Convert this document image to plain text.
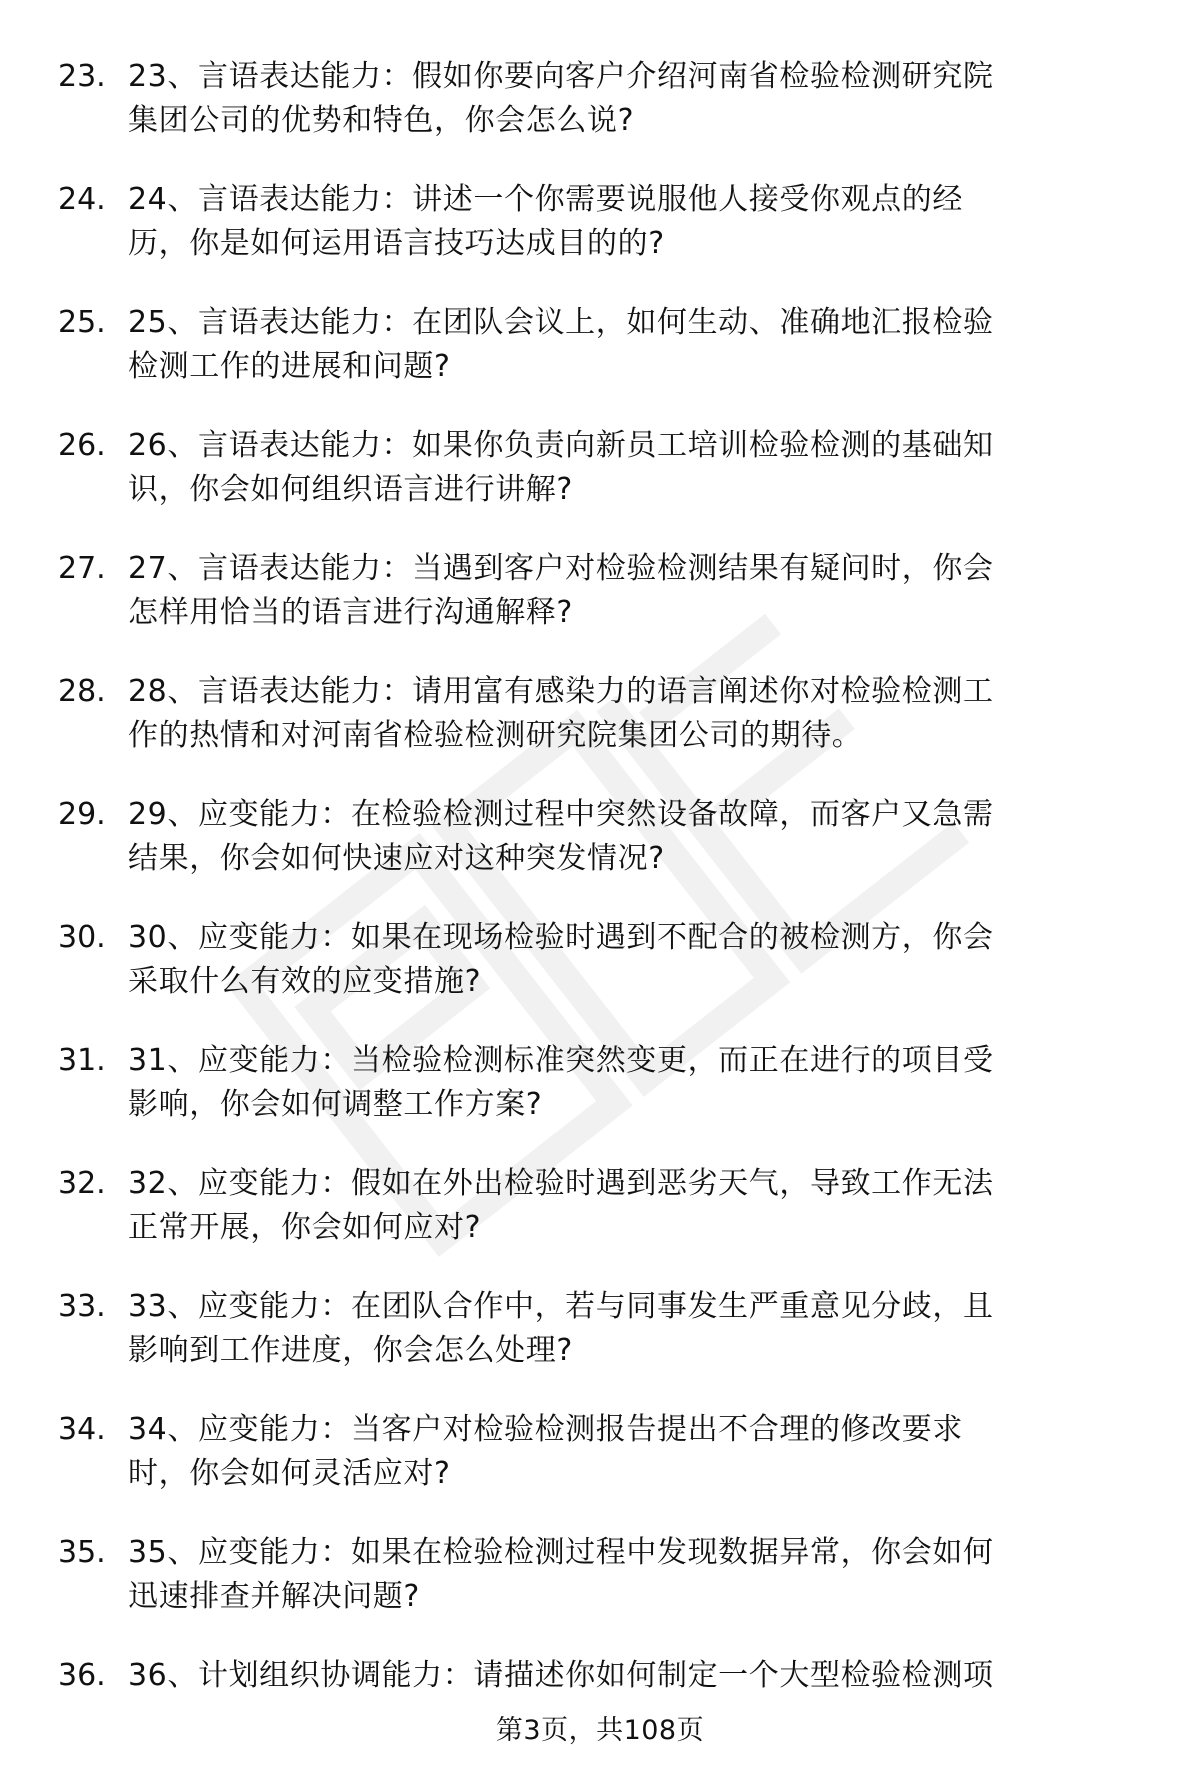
23. 23、言语表达能力：假如你要向客户介绍河南省检验检测研究院
集团公司的优势和特色，你会怎么说?
24. 24、言语表达能力：讲述一个你需要说服他人接受你观点的经
历，你是如何运用语言技巧达成目的的?
25. 25、言语表达能力：在团队会议上，如何生动、准确地汇报检验
检测工作的进展和问题?
26. 26、言语表达能力：如果你负责向新员工培训检验检测的基础知
识，你会如何组织语言进行讲解?
27. 27、言语表达能力：当遇到客户对检验检测结果有疑问时，你会
怎样用恰当的语言进行沟通解释?
28. 28、言语表达能力：请用富有感染力的语言阐述你对检验检测工
作的热情和对河南省检验检测研究院集团公司的期待。
29. 29、应变能力：在检验检测过程中突然设备故障，而客户又急需
结果，你会如何快速应对这种突发情况?
30. 30、应变能力：如果在现场检验时遇到不配合的被检测方，你会
采取什么有效的应变措施?
31. 31、应变能力：当检验检测标准突然变更，而正在进行的项目受
影响，你会如何调整工作方案?
32. 32、应变能力：假如在外出检验时遇到恶劣天气，导致工作无法
正常开展，你会如何应对?
33. 33、应变能力：在团队合作中，若与同事发生严重意见分歧，且
影响到工作进度，你会怎么处理?
34. 34、应变能力：当客户对检验检测报告提出不合理的修改要求
时，你会如何灵活应对?
35. 35、应变能力：如果在检验检测过程中发现数据异常，你会如何
迅速排查并解决问题?
36. 36、计划组织协调能力：请描述你如何制定一个大型检验检测项
第3页，共108页
